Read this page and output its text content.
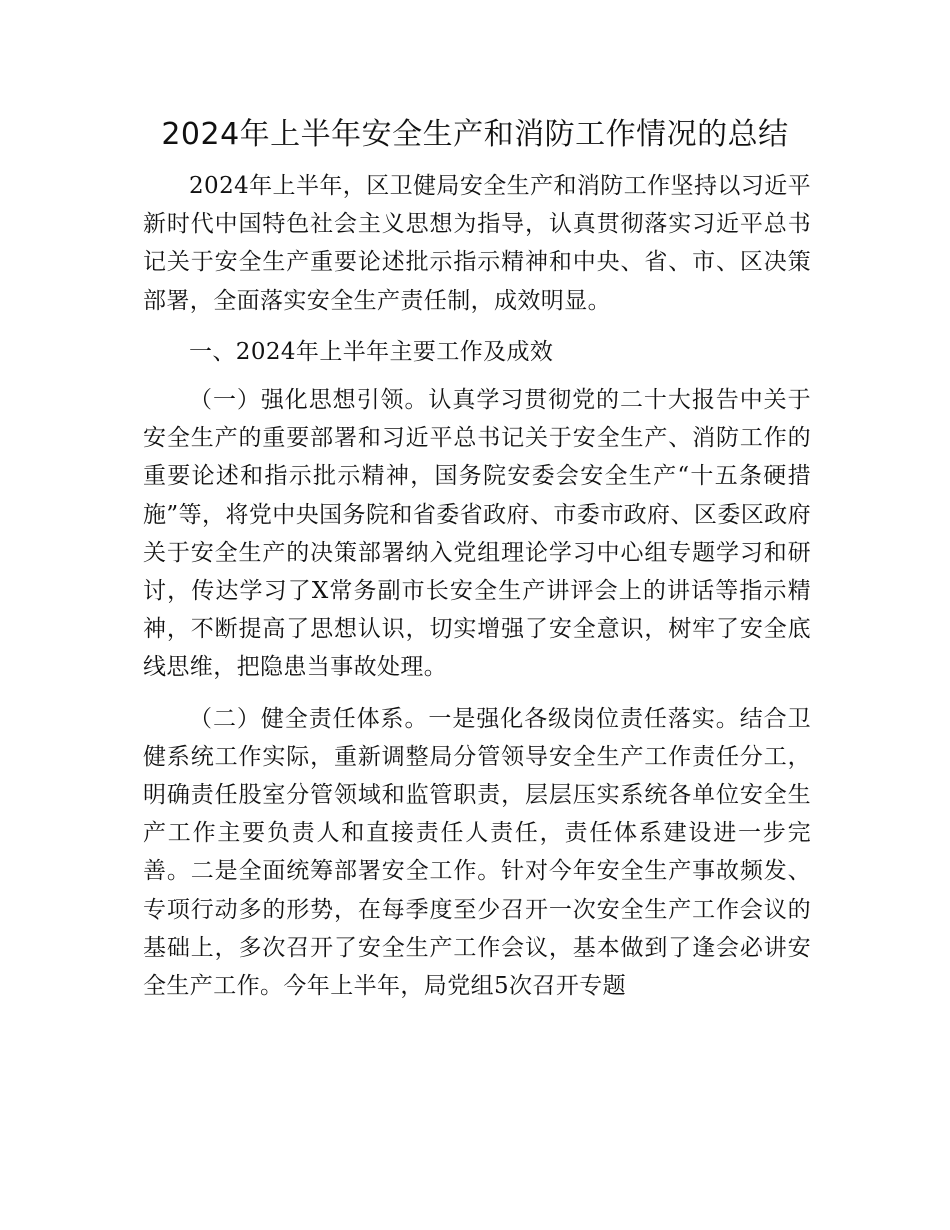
2024年上半年安全生产和消防工作情况的总结

2024年上半年，区卫健局安全生产和消防工作坚持以习近平新时代中国特色社会主义思想为指导，认真贯彻落实习近平总书记关于安全生产重要论述批示指示精神和中央、省、市、区决策部署，全面落实安全生产责任制，成效明显。

一、2024年上半年主要工作及成效

（一）强化思想引领。认真学习贯彻党的二十大报告中关于安全生产的重要部署和习近平总书记关于安全生产、消防工作的重要论述和指示批示精神，国务院安委会安全生产“十五条硬措施”等，将党中央国务院和省委省政府、市委市政府、区委区政府关于安全生产的决策部署纳入党组理论学习中心组专题学习和研讨，传达学习了X常务副市长安全生产讲评会上的讲话等指示精神，不断提高了思想认识，切实增强了安全意识，树牢了安全底线思维，把隐患当事故处理。

（二）健全责任体系。一是强化各级岗位责任落实。结合卫健系统工作实际，重新调整局分管领导安全生产工作责任分工，明确责任股室分管领域和监管职责，层层压实系统各单位安全生产工作主要负责人和直接责任人责任，责任体系建设进一步完善。二是全面统筹部署安全工作。针对今年安全生产事故频发、专项行动多的形势，在每季度至少召开一次安全生产工作会议的基础上，多次召开了安全生产工作会议，基本做到了逢会必讲安全生产工作。今年上半年，局党组5次召开专题
